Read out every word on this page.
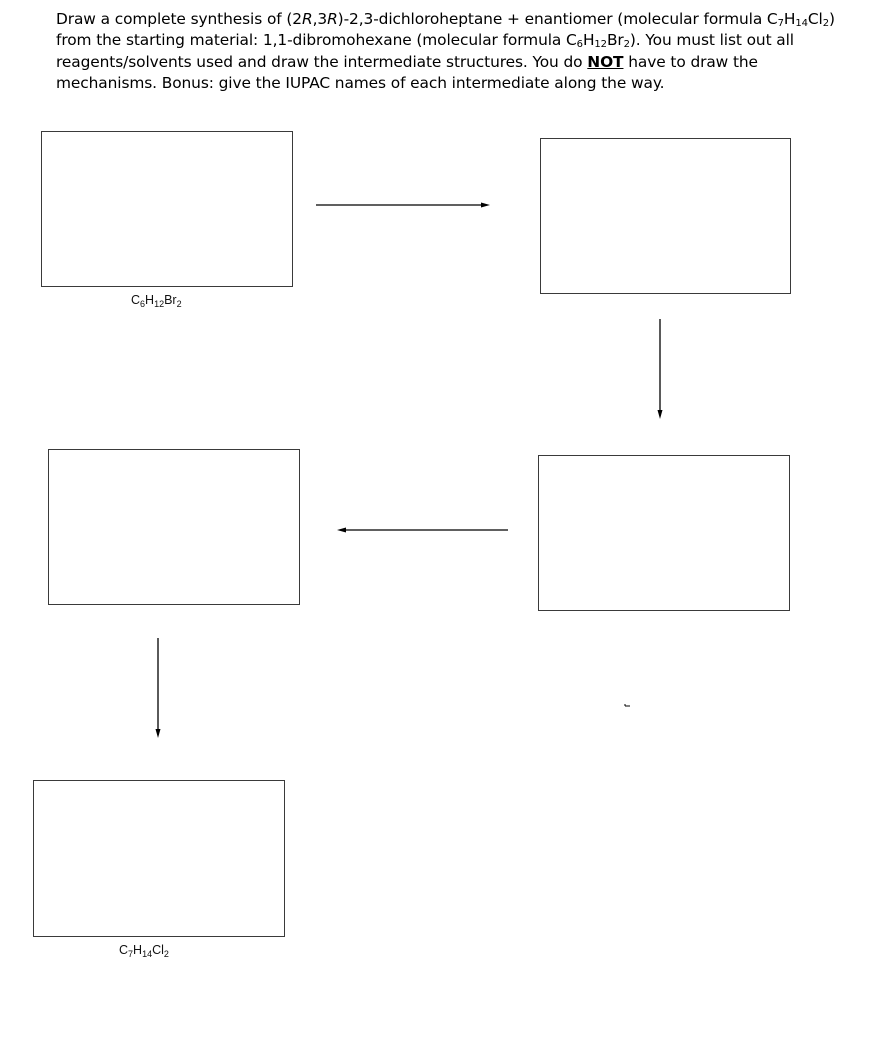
Draw a complete synthesis of (2R,3R)-2,3-dichloroheptane + enantiomer (molecular formula $C_7H_{14}Cl_2$) from the starting material: 1,1-dibromohexane (molecular formula $C_6H_{12}Br_2$). You must list out all reagents/solvents used and draw the intermediate structures. You do NOT have to draw the mechanisms. Bonus: give the IUPAC names of each intermediate along the way.
$C_6H_{12}Br_2$
$C_7H_{14}Cl_2$
